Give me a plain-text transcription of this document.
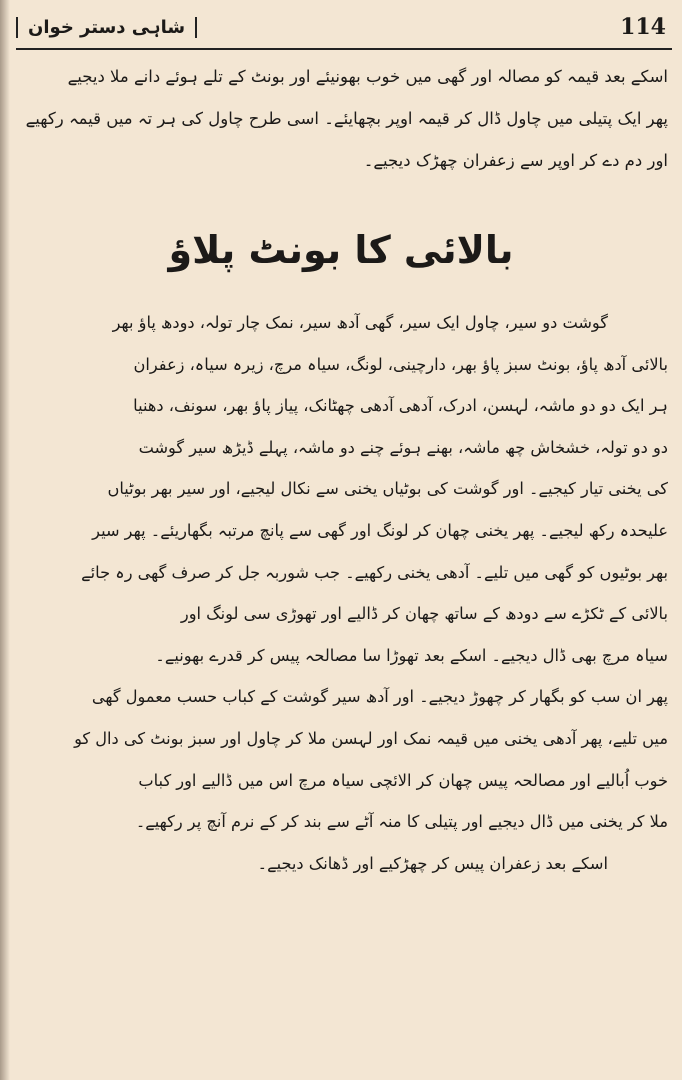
شاہی دستر خوان	114
اسکے بعد قیمہ کو مصالہ اور گھی میں خوب بھونیئے اور بونٹ کے تلے ہوئے دانے ملا دیجیے
پھر ایک پتیلی میں چاول ڈال کر قیمہ اوپر بچھایئے۔ اسی طرح چاول کی ہر تہ میں قیمہ رکھیے
اور دم دے کر اوپر سے زعفران چھڑک دیجیے۔
بالائی کا بونٹ پلاؤ
گوشت دو سیر، چاول ایک سیر، گھی آدھ سیر، نمک چار تولہ، دودھ پاؤ بھر
بالائی آدھ پاؤ، بونٹ سبز پاؤ بھر، دارچینی، لونگ، سیاہ مرچ، زیرہ سیاہ، زعفران
ہر ایک دو دو ماشہ، لہسن، ادرک، آدھی آدھی چھٹانک، پیاز پاؤ بھر، سونف، دھنیا
دو دو تولہ، خشخاش چھ ماشہ، بھنے ہوئے چنے دو ماشہ، پہلے ڈیڑھ سیر گوشت
کی یخنی تیار کیجیے۔ اور گوشت کی بوٹیاں یخنی سے نکال لیجیے، اور سیر بھر بوٹیاں
علیحدہ رکھ لیجیے۔ پھر یخنی چھان کر لونگ اور گھی سے پانچ مرتبہ بگھاریئے۔ پھر سیر
بھر بوٹیوں کو گھی میں تلیے۔ آدھی یخنی رکھیے۔ جب شوربہ جل کر صرف گھی رہ جائے
بالائی کے ٹکڑے سے دودھ کے ساتھ چھان کر ڈالیے اور تھوڑی سی لونگ اور
سیاہ مرچ بھی ڈال دیجیے۔ اسکے بعد تھوڑا سا مصالحہ پیس کر قدرے بھونیے۔
پھر ان سب کو بگھار کر چھوڑ دیجیے۔ اور آدھ سیر گوشت کے کباب حسب معمول گھی
میں تلیے، پھر آدھی یخنی میں قیمہ نمک اور لہسن ملا کر چاول اور سبز بونٹ کی دال کو
خوب اُبالیے اور مصالحہ پیس چھان کر الائچی سیاہ مرچ اس میں ڈالیے اور کباب
ملا کر یخنی میں ڈال دیجیے اور پتیلی کا منہ آٹے سے بند کر کے نرم آنچ پر رکھیے۔
اسکے بعد زعفران پیس کر چھڑکیے اور ڈھانک دیجیے۔
